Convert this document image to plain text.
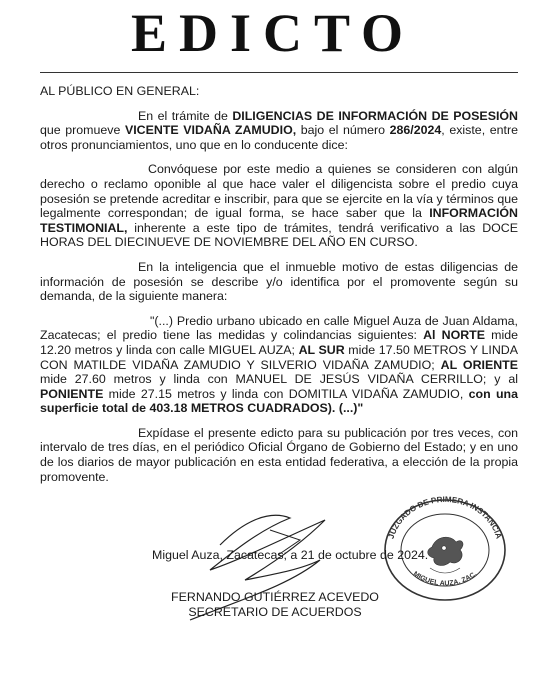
EDICTO

AL PÚBLICO EN GENERAL:

En el trámite de DILIGENCIAS DE INFORMACIÓN DE POSESIÓN que promueve VICENTE VIDAÑA ZAMUDIO, bajo el número 286/2024, existe, entre otros pronunciamientos, uno que en lo conducente dice:

Convóquese por este medio a quienes se consideren con algún derecho o reclamo oponible al que hace valer el diligencista sobre el predio cuya posesión se pretende acreditar e inscribir, para que se ejercite en la vía y términos que legalmente correspondan; de igual forma, se hace saber que la INFORMACIÓN TESTIMONIAL, inherente a este tipo de trámites, tendrá verificativo a las DOCE HORAS DEL DIECINUEVE DE NOVIEMBRE DEL AÑO EN CURSO.

En la inteligencia que el inmueble motivo de estas diligencias de información de posesión se describe y/o identifica por el promovente según su demanda, de la siguiente manera:

"(...) Predio urbano ubicado en calle Miguel Auza de Juan Aldama, Zacatecas; el predio tiene las medidas y colindancias siguientes: Al NORTE mide 12.20 metros y linda con calle MIGUEL AUZA; AL SUR mide 17.50 METROS Y LINDA CON MATILDE VIDAÑA ZAMUDIO Y SILVERIO VIDAÑA ZAMUDIO; AL ORIENTE mide 27.60 metros y linda con MANUEL DE JESÚS VIDAÑA CERRILLO; y al PONIENTE mide 27.15 metros y linda con DOMITILA VIDAÑA ZAMUDIO, con una superficie total de 403.18 METROS CUADRADOS). (...)"

Expídase el presente edicto para su publicación por tres veces, con intervalo de tres días, en el periódico Oficial Órgano de Gobierno del Estado; y en uno de los diarios de mayor publicación en esta entidad federativa, a elección de la propia promovente.

JUZGADO DE PRIMERA INSTANCIA
MIGUEL AUZA, ZAC.
Miguel Auza, Zacatecas; a 21 de octubre de 2024.
FERNANDO GUTIÉRREZ ACEVEDO
SECRETARIO DE ACUERDOS
